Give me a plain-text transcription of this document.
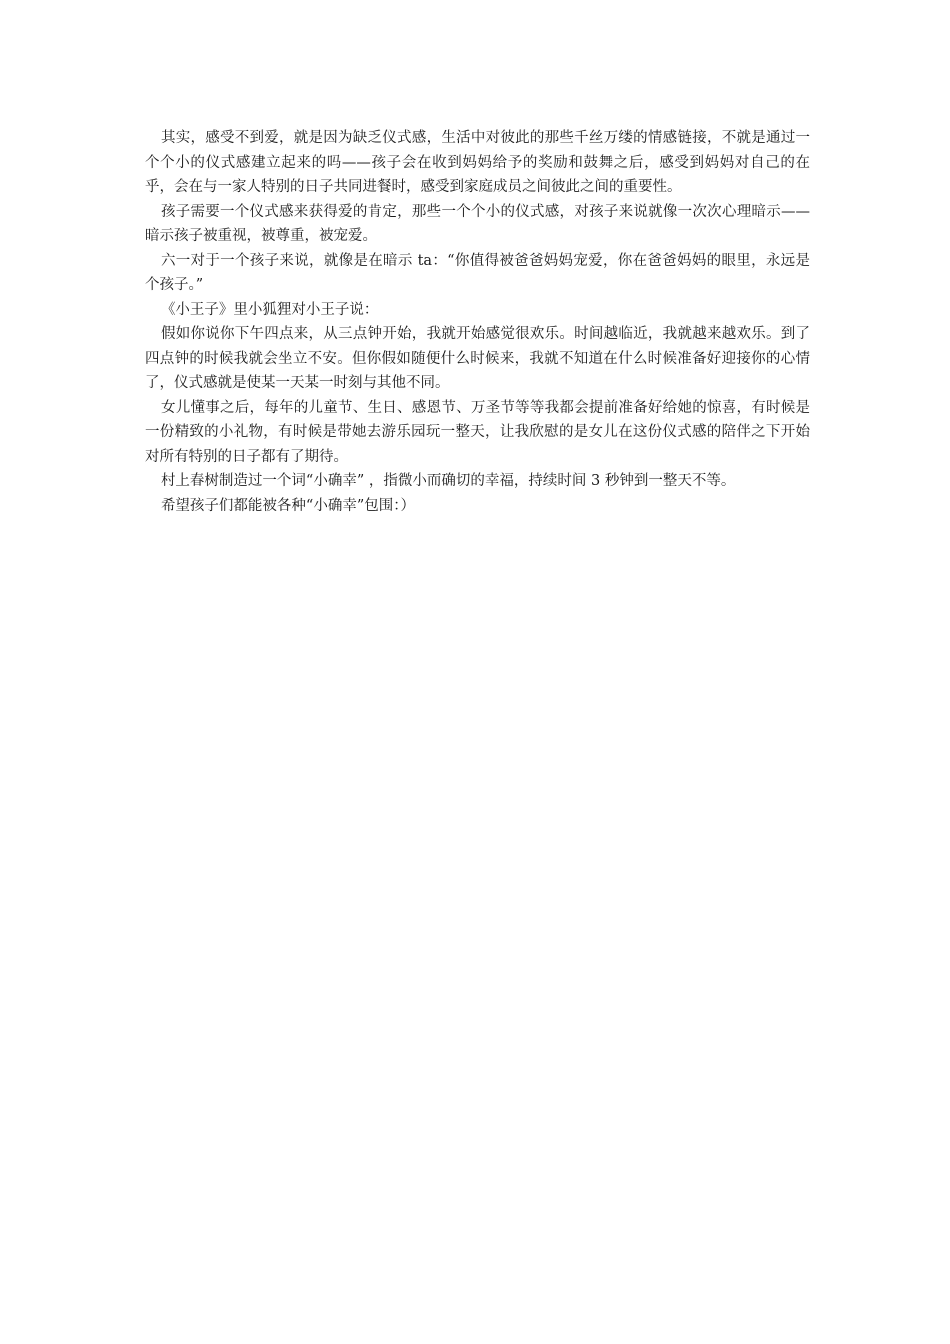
其实，感受不到爱，就是因为缺乏仪式感，生活中对彼此的那些千丝万缕的情感链接，不就是通过一个个小的仪式感建立起来的吗——孩子会在收到妈妈给予的奖励和鼓舞之后，感受到妈妈对自己的在乎，会在与一家人特别的日子共同进餐时，感受到家庭成员之间彼此之间的重要性。

孩子需要一个仪式感来获得爱的肯定，那些一个个小的仪式感，对孩子来说就像一次次心理暗示——暗示孩子被重视，被尊重，被宠爱。

六一对于一个孩子来说，就像是在暗示 ta：“你值得被爸爸妈妈宠爱，你在爸爸妈妈的眼里，永远是个孩子。”

《小王子》里小狐狸对小王子说：

假如你说你下午四点来，从三点钟开始，我就开始感觉很欢乐。时间越临近，我就越来越欢乐。到了四点钟的时候我就会坐立不安。但你假如随便什么时候来，我就不知道在什么时候准备好迎接你的心情了，仪式感就是使某一天某一时刻与其他不同。

女儿懂事之后，每年的儿童节、生日、感恩节、万圣节等等我都会提前准备好给她的惊喜，有时候是一份精致的小礼物，有时候是带她去游乐园玩一整天，让我欣慰的是女儿在这份仪式感的陪伴之下开始对所有特别的日子都有了期待。

村上春树制造过一个词“小确幸” ，指微小而确切的幸福，持续时间 3 秒钟到一整天不等。

希望孩子们都能被各种“小确幸”包围：）
